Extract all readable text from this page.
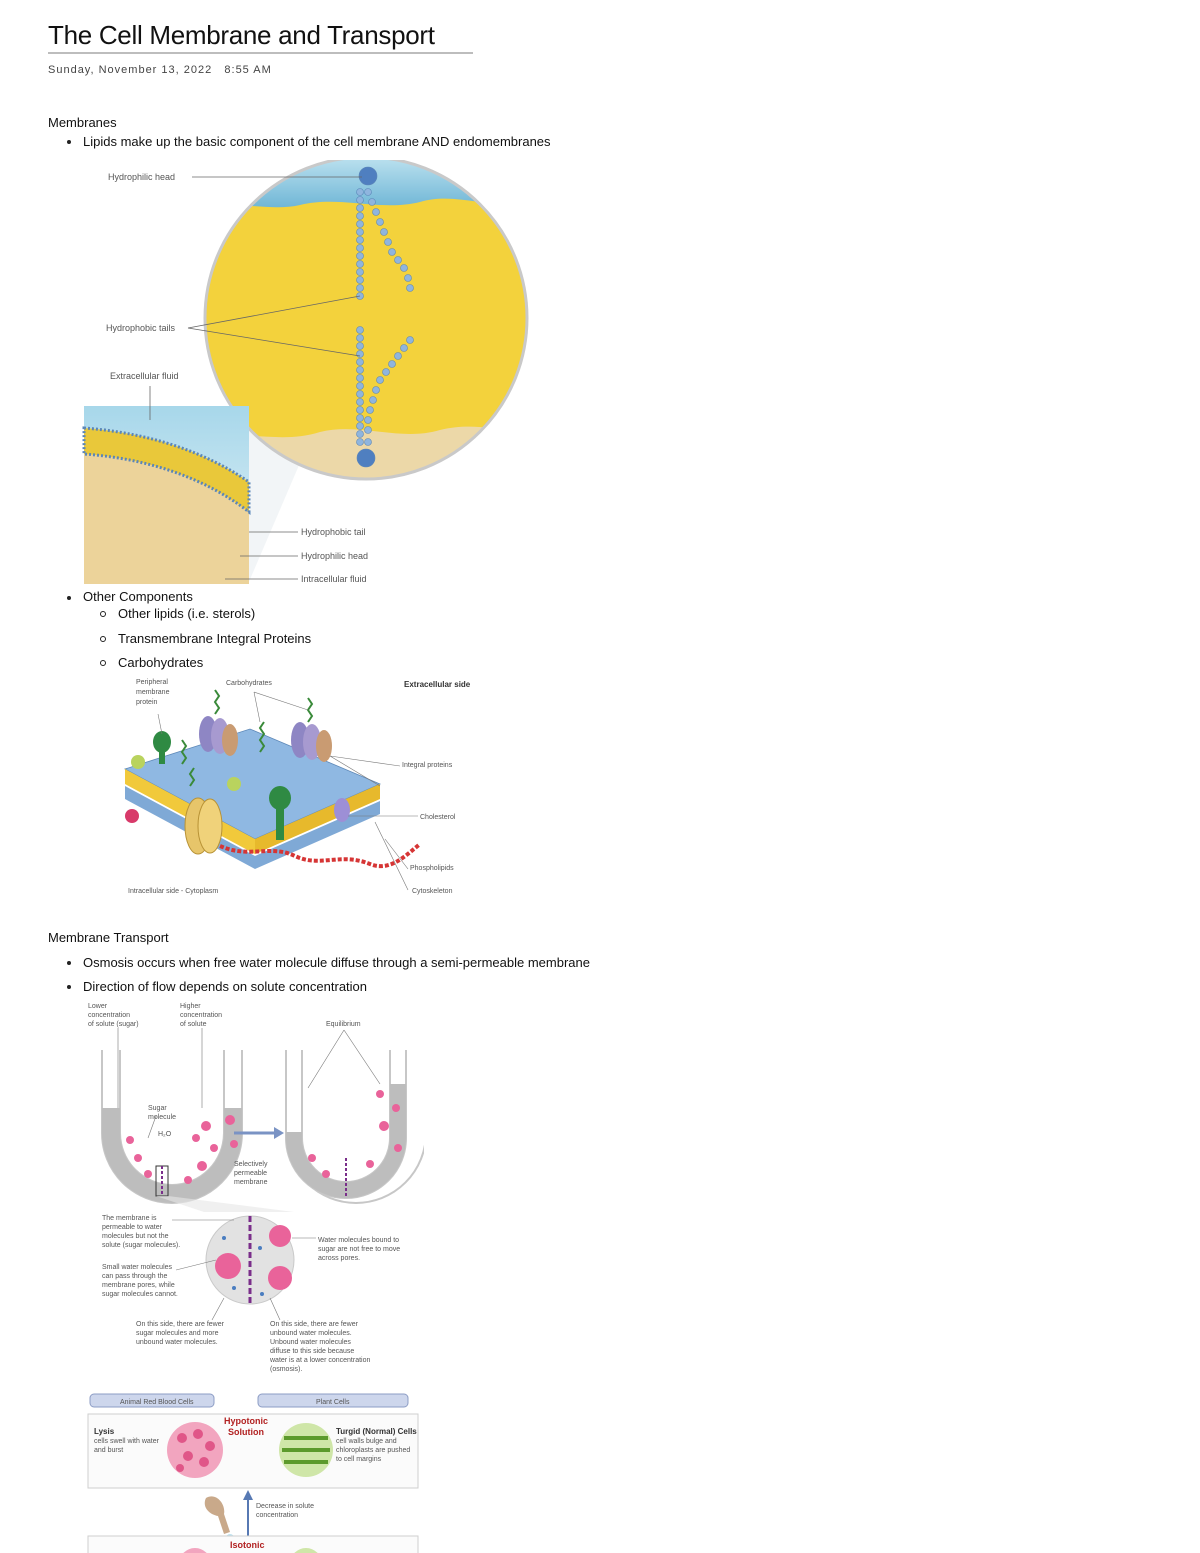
The Cell Membrane and Transport
Sunday, November 13, 2022 8:55 AM
Membranes
Lipids make up the basic component of the cell membrane AND endomembranes
Hydrophilic head
Hydrophobic tails
Extracellular fluid
Hydrophobic tail
Hydrophilic head
Intracellular fluid
Other Components
Other lipids (i.e. sterols)
Transmembrane Integral Proteins
Carbohydrates
Peripheral
membrane
protein
Carbohydrates	Extracellular side
Integral proteins
Cholesterol
Phospholipids
Cytoskeleton
Intracellular side - Cytoplasm
Membrane Transport
Osmosis occurs when free water molecule diffuse through a semi-permeable membrane
Direction of flow depends on solute concentration
Lower
concentration
of solute (sugar)
Higher
concentration
of solute	Equilibrium
Sugar
molecule
H₂O
Selectively
permeable
membrane
The membrane is
permeable to water
molecules but not the
solute (sugar molecules).
Small water molecules
can pass through the
membrane pores, while
sugar molecules cannot.
Water molecules bound to
sugar are not free to move
across pores.
On this side, there are fewer
sugar molecules and more
unbound water molecules.
On this side, there are fewer
unbound water molecules.
Unbound water molecules
diffuse to this side because
water is at a lower concentration
(osmosis).
Animal Red Blood Cells	Plant Cells
Hypotonic
Solution
Lysis
cells swell with water
and burst
Turgid (Normal) Cells
cell walls bulge and
chloroplasts are pushed
to cell margins
Decrease in solute
concentration
Isotonic
